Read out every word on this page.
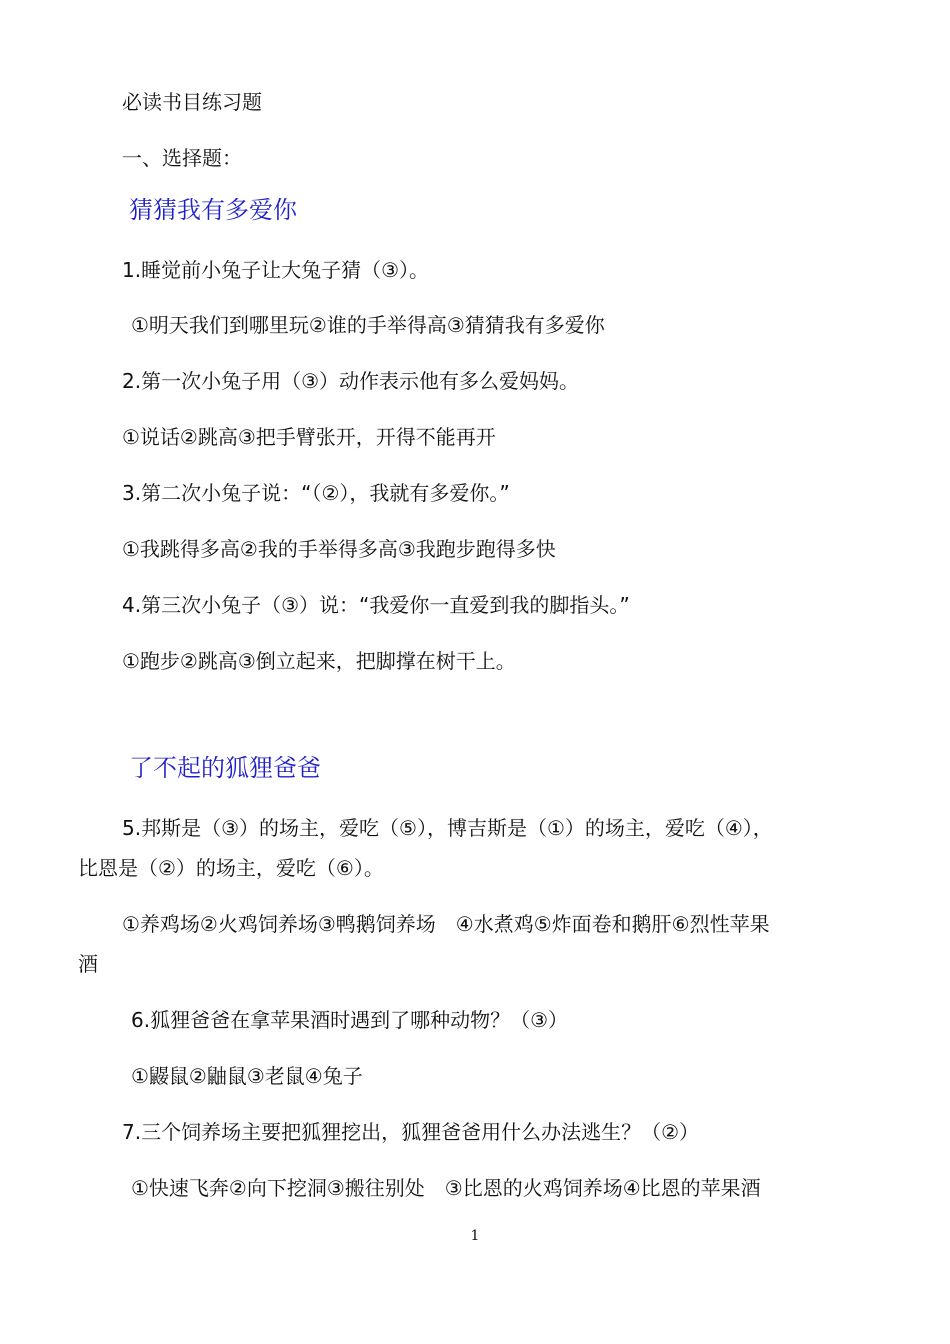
必读书目练习题

一、选择题：

猜猜我有多爱你

1.睡觉前小兔子让大兔子猜（③）。

①明天我们到哪里玩②谁的手举得高③猜猜我有多爱你

2.第一次小兔子用（③）动作表示他有多么爱妈妈。

①说话②跳高③把手臂张开，开得不能再开

3.第二次小兔子说：“（②），我就有多爱你。”

①我跳得多高②我的手举得多高③我跑步跑得多快

4.第三次小兔子（③）说：“我爱你一直爱到我的脚指头。”

①跑步②跳高③倒立起来，把脚撑在树干上。

了不起的狐狸爸爸

5.邦斯是（③）的场主，爱吃（⑤），博吉斯是（①）的场主，爱吃（④），

比恩是（②）的场主，爱吃（⑥）。

①养鸡场②火鸡饲养场③鸭鹅饲养场　④水煮鸡⑤炸面卷和鹅肝⑥烈性苹果

酒

6.狐狸爸爸在拿苹果酒时遇到了哪种动物？（③）

①鼹鼠②鼬鼠③老鼠④兔子

7.三个饲养场主要把狐狸挖出，狐狸爸爸用什么办法逃生？（②）

①快速飞奔②向下挖洞③搬往别处　③比恩的火鸡饲养场④比恩的苹果酒

1
